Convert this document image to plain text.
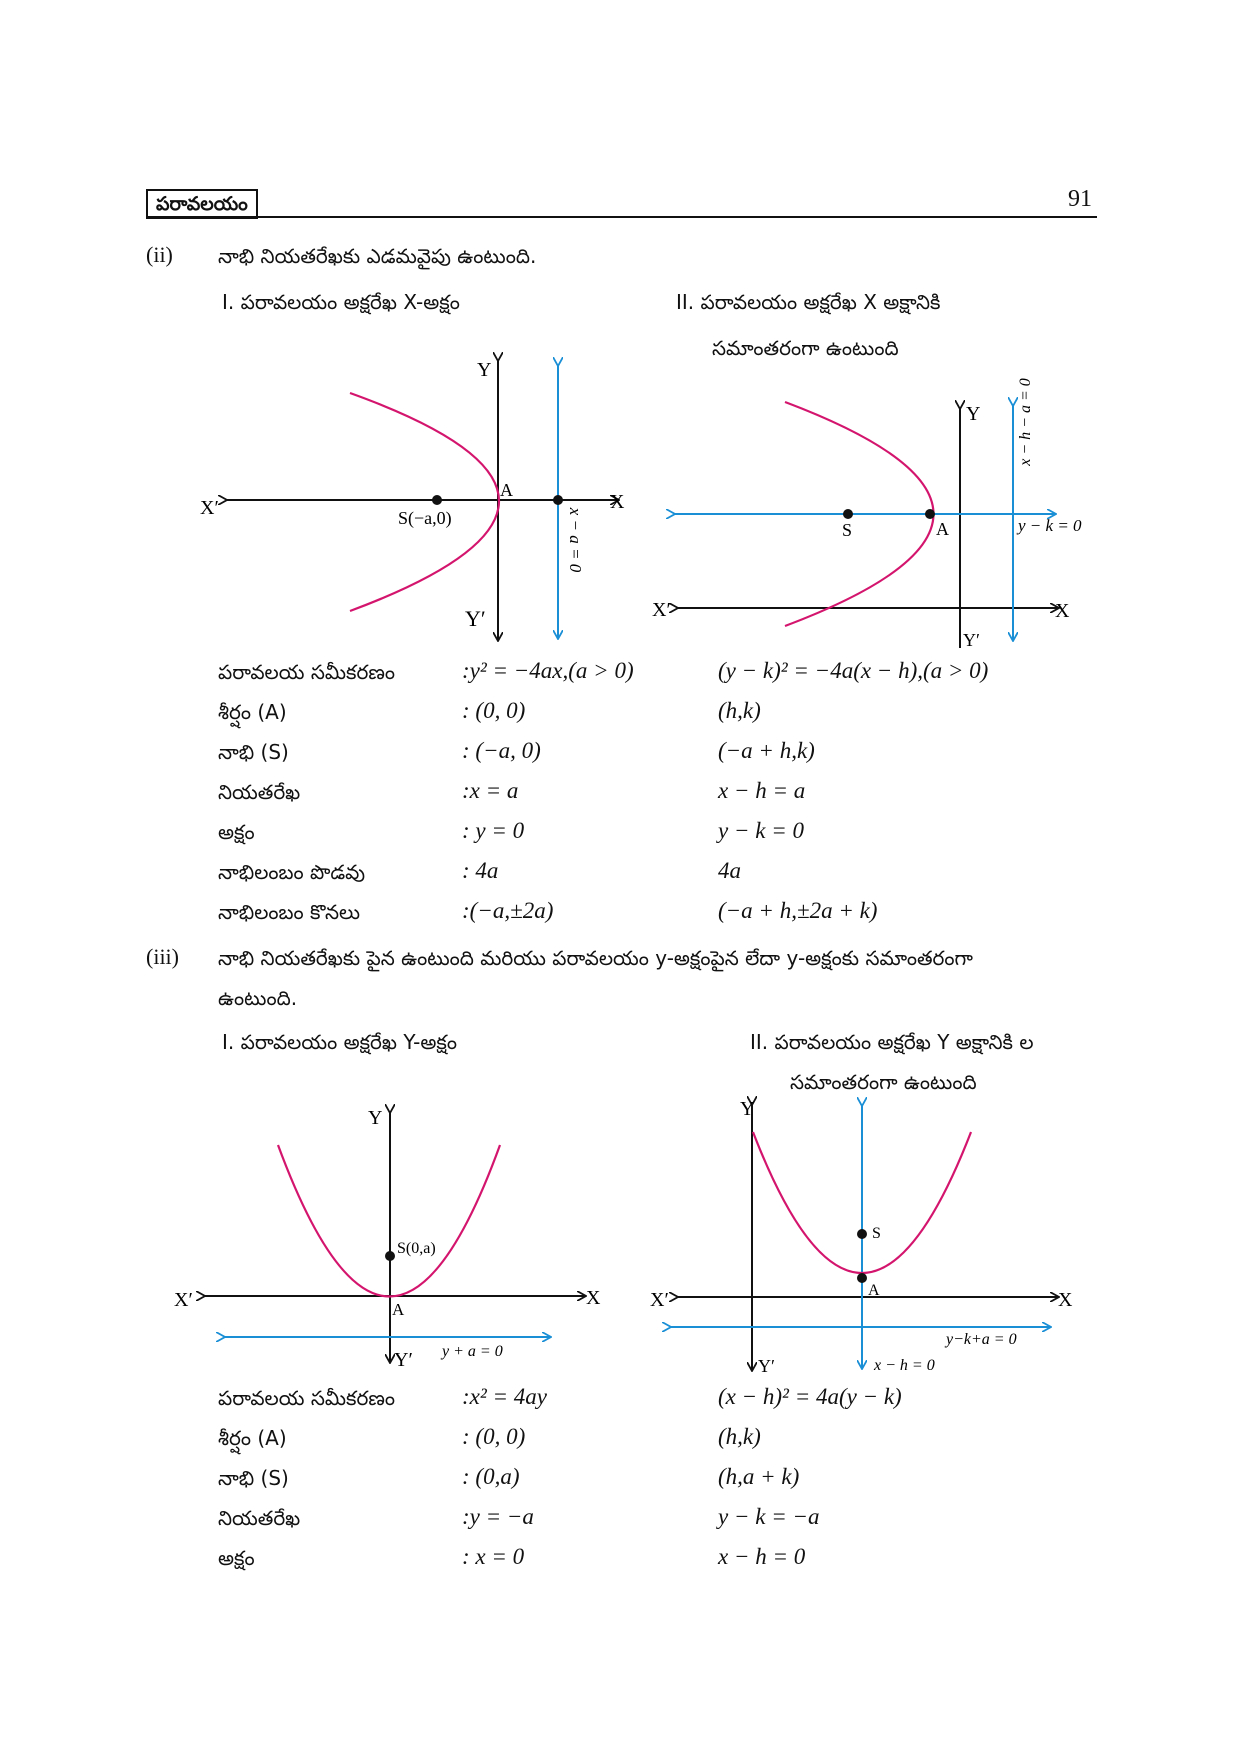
పరావలయం	91
(ii) నాభి నియతరేఖకు ఎడమవైపు ఉంటుంది.
I. పరావలయం అక్షరేఖ X-అక్షం	II. పరావలయం అక్షరేఖ X అక్షానికి
సమాంతరంగా ఉంటుంది
Y
Y′
X
X′
A
S(−a,0)	x − a = 0
Y
Y′
X
X′
A
S	y − k = 0
x − h − a = 0
పరావలయ సమీకరణం	:y² = −4ax,(a > 0)	(y − k)² = −4a(x − h),(a > 0)
శీర్షం (A)	: (0, 0)	(h,k)
నాభి (S)	: (−a, 0)	(−a + h,k)
నియతరేఖ	:x = a	x − h = a
అక్షం	: y = 0	y − k = 0
నాభిలంబం పొడవు	: 4a	4a
నాభిలంబం కొనలు	:(−a,±2a)	(−a + h,±2a + k)
(iii) నాభి నియతరేఖకు పైన ఉంటుంది మరియు పరావలయం y-అక్షంపైన లేదా y-అక్షంకు సమాంతరంగా
ఉంటుంది.
I. పరావలయం అక్షరేఖ Y-అక్షం	II. పరావలయం అక్షరేఖ Y అక్షానికి ల
సమాంతరంగా ఉంటుంది
Y
Y′
X
X′	A
S(0,a)
y + a = 0
Y
Y′
X
X′	A
S
y−k+a = 0
x − h = 0
పరావలయ సమీకరణం	:x² = 4ay	(x − h)² = 4a(y − k)
శీర్షం (A)	: (0, 0)	(h,k)
నాభి (S)	: (0,a)	(h,a + k)
నియతరేఖ	:y = −a	y − k = −a
అక్షం	: x = 0	x − h = 0
